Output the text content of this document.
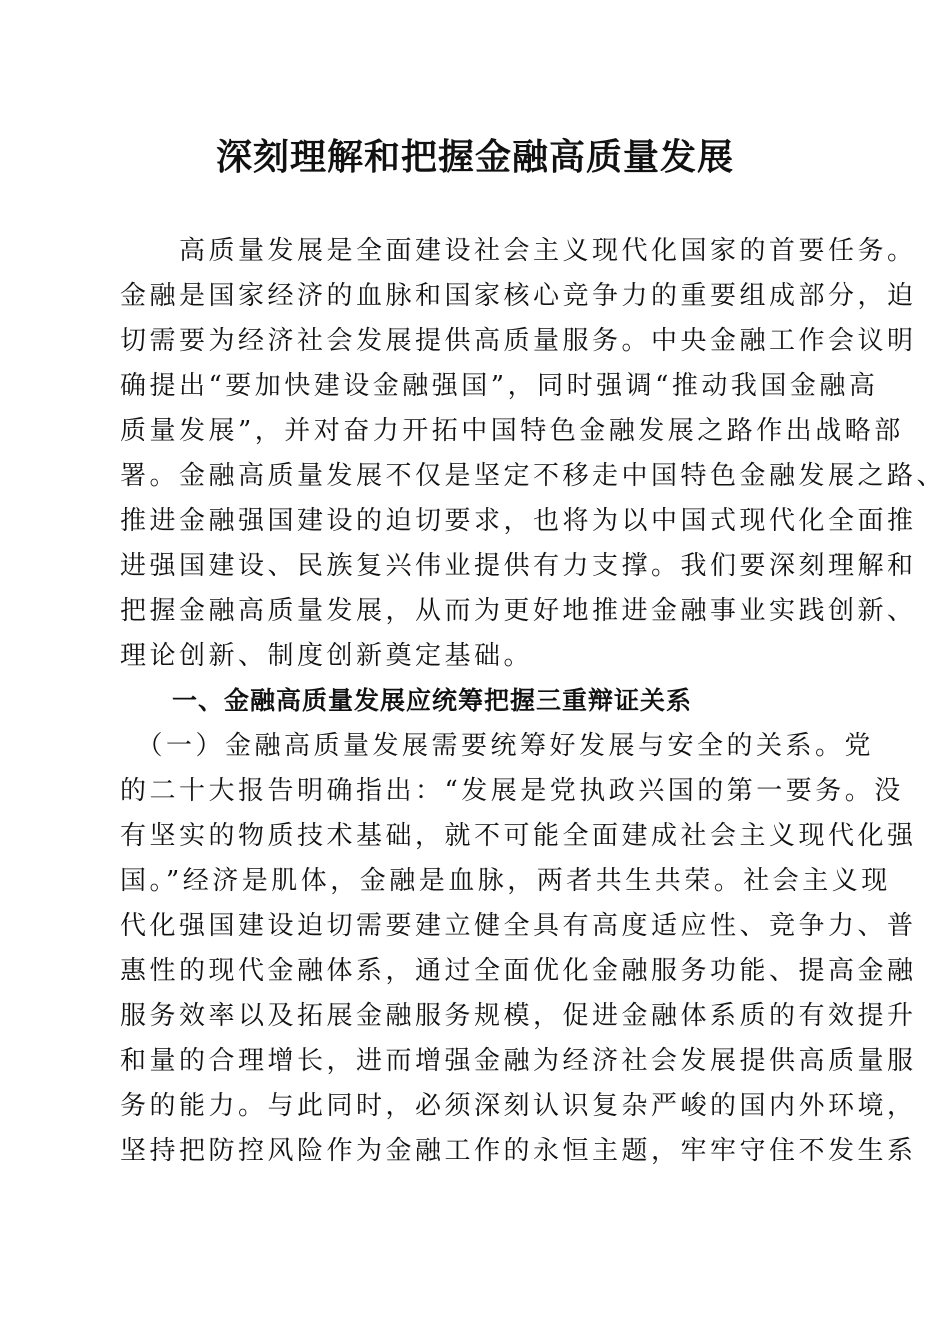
深刻理解和把握金融高质量发展
　　高质量发展是全面建设社会主义现代化国家的首要任务。
金融是国家经济的血脉和国家核心竞争力的重要组成部分，迫
切需要为经济社会发展提供高质量服务。中央金融工作会议明
确提出“要加快建设金融强国”，同时强调“推动我国金融高
质量发展”，并对奋力开拓中国特色金融发展之路作出战略部
署。金融高质量发展不仅是坚定不移走中国特色金融发展之路、
推进金融强国建设的迫切要求，也将为以中国式现代化全面推
进强国建设、民族复兴伟业提供有力支撑。我们要深刻理解和
把握金融高质量发展，从而为更好地推进金融事业实践创新、
理论创新、制度创新奠定基础。
　　一、金融高质量发展应统筹把握三重辩证关系
　（一）金融高质量发展需要统筹好发展与安全的关系。党
的二十大报告明确指出：“发展是党执政兴国的第一要务。没
有坚实的物质技术基础，就不可能全面建成社会主义现代化强
国。”经济是肌体，金融是血脉，两者共生共荣。社会主义现
代化强国建设迫切需要建立健全具有高度适应性、竞争力、普
惠性的现代金融体系，通过全面优化金融服务功能、提高金融
服务效率以及拓展金融服务规模，促进金融体系质的有效提升
和量的合理增长，进而增强金融为经济社会发展提供高质量服
务的能力。与此同时，必须深刻认识复杂严峻的国内外环境，
坚持把防控风险作为金融工作的永恒主题，牢牢守住不发生系
